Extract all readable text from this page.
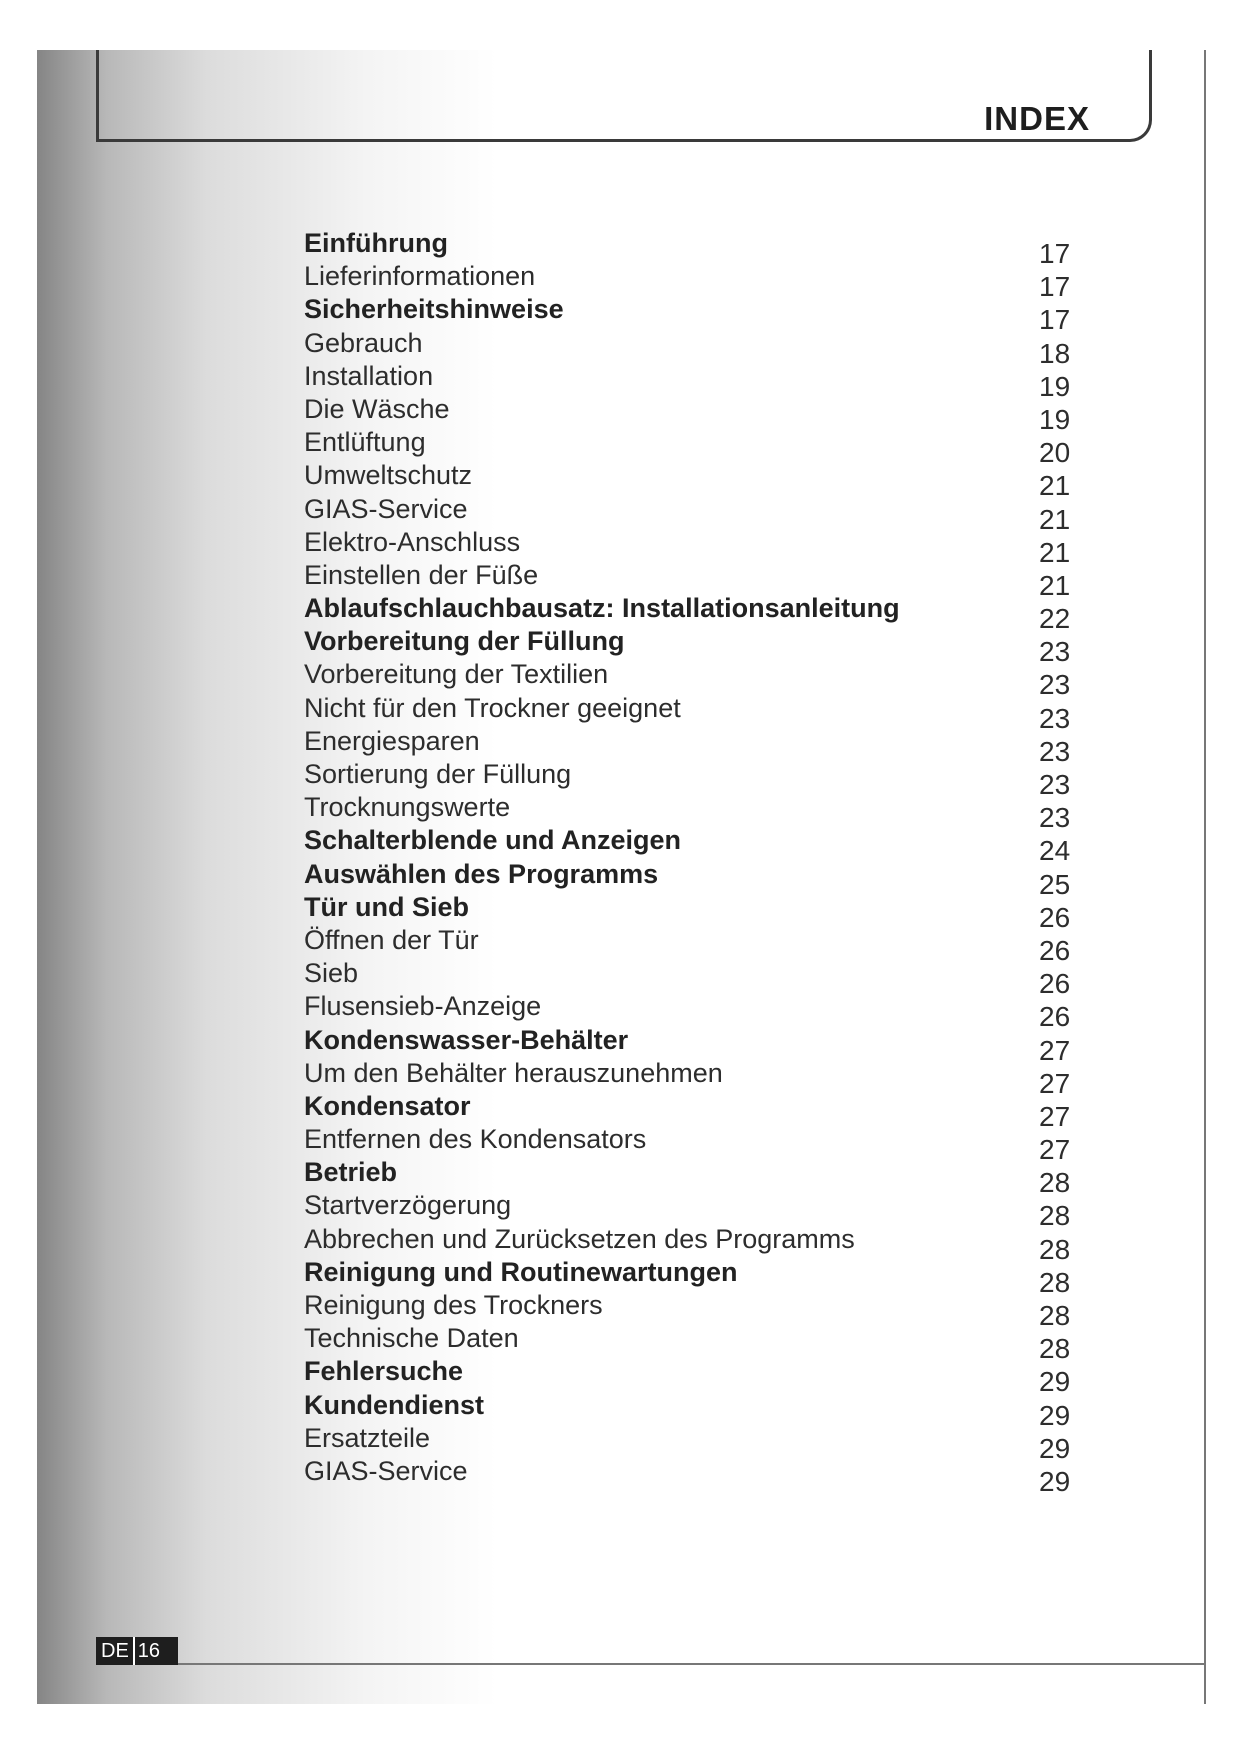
INDEX
Einführung	17
Lieferinformationen	17
Sicherheitshinweise	17
Gebrauch	18
Installation	19
Die Wäsche	19
Entlüftung	20
Umweltschutz	21
GIAS-Service	21
Elektro-Anschluss	21
Einstellen der Füße	21
Ablaufschlauchbausatz: Installationsanleitung	22
Vorbereitung der Füllung	23
Vorbereitung der Textilien	23
Nicht für den Trockner geeignet	23
Energiesparen	23
Sortierung der Füllung	23
Trocknungswerte	23
Schalterblende und Anzeigen	24
Auswählen des Programms	25
Tür und Sieb	26
Öffnen der Tür	26
Sieb	26
Flusensieb-Anzeige	26
Kondenswasser-Behälter	27
Um den Behälter herauszunehmen	27
Kondensator	27
Entfernen des Kondensators	27
Betrieb	28
Startverzögerung	28
Abbrechen und Zurücksetzen des Programms	28
Reinigung und Routinewartungen	28
Reinigung des Trockners	28
Technische Daten	28
Fehlersuche	29
Kundendienst	29
Ersatzteile	29
GIAS-Service	29
DE 16
